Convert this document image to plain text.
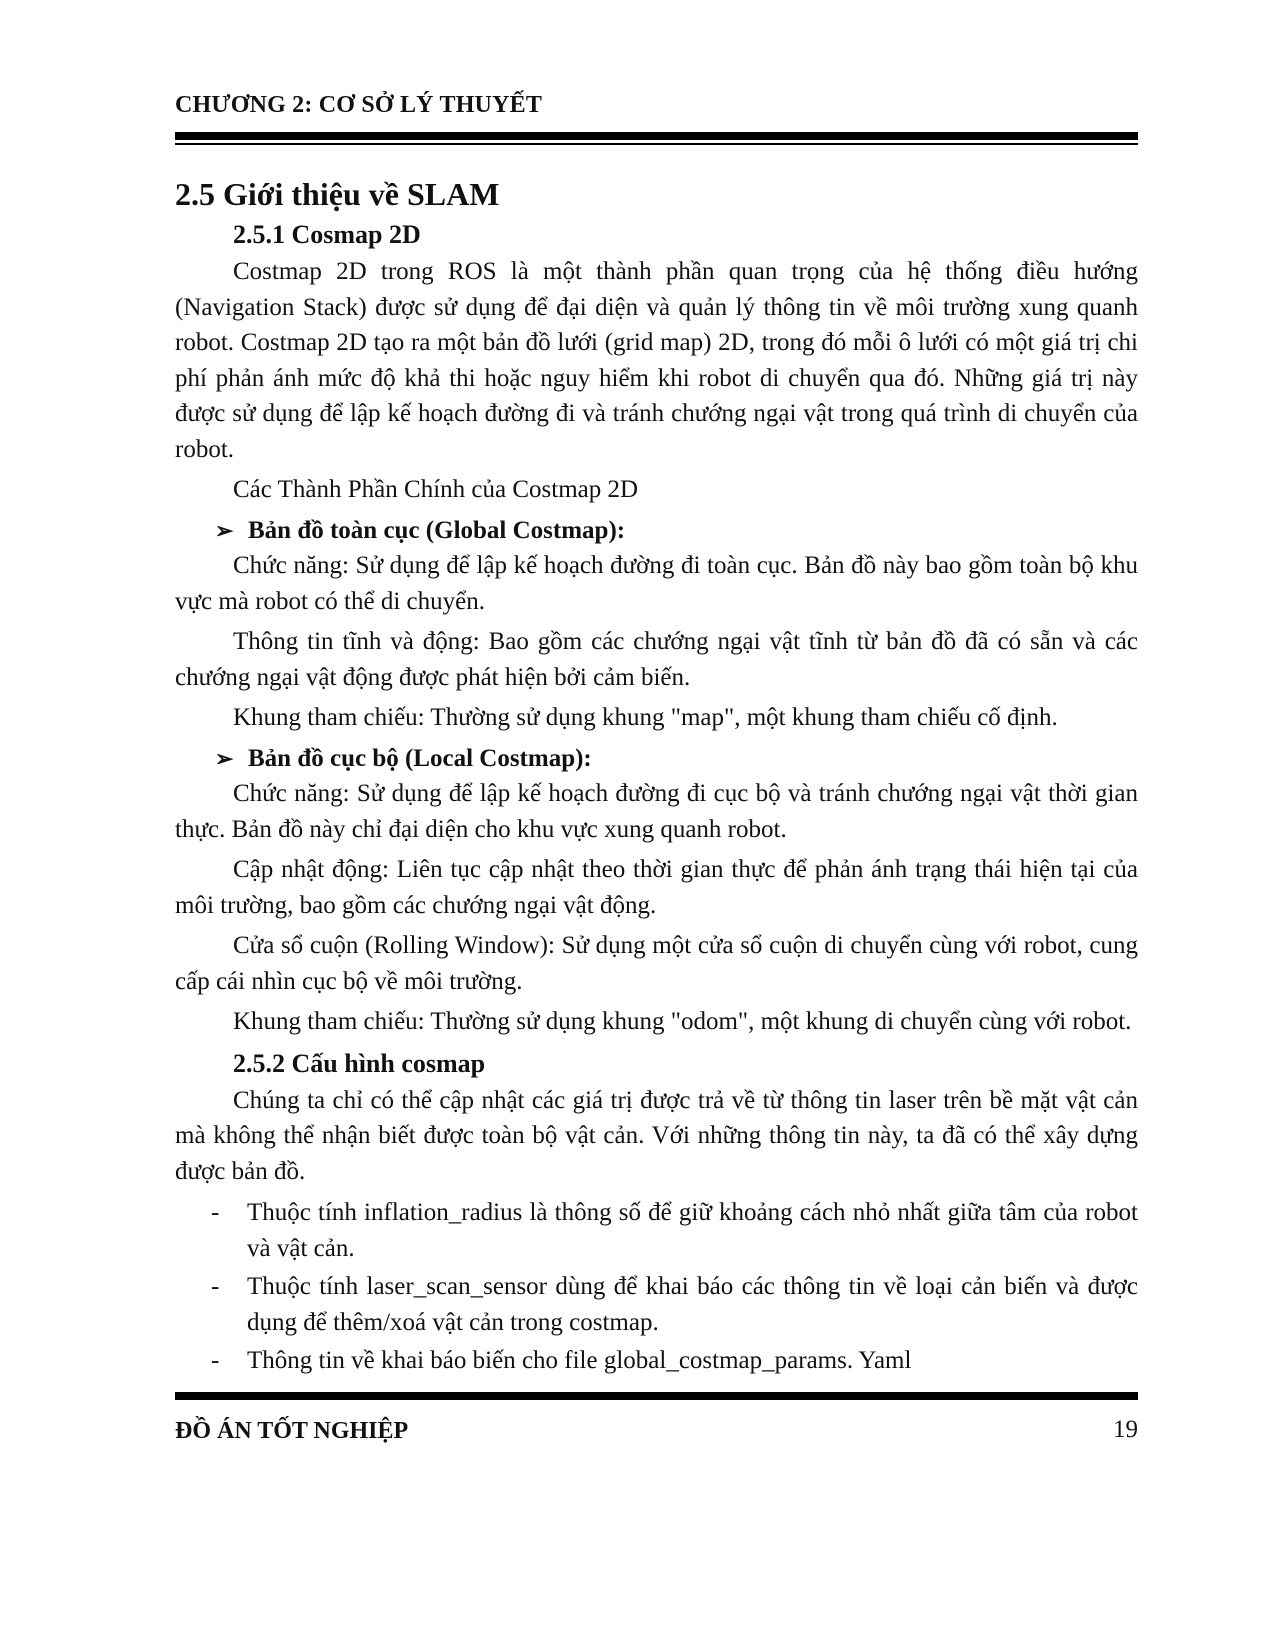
CHƯƠNG 2: CƠ SỞ LÝ THUYẾT
2.5 Giới thiệu về SLAM
2.5.1 Cosmap 2D

Costmap 2D trong ROS là một thành phần quan trọng của hệ thống điều hướng (Navigation Stack) được sử dụng để đại diện và quản lý thông tin về môi trường xung quanh robot. Costmap 2D tạo ra một bản đồ lưới (grid map) 2D, trong đó mỗi ô lưới có một giá trị chi phí phản ánh mức độ khả thi hoặc nguy hiểm khi robot di chuyển qua đó. Những giá trị này được sử dụng để lập kế hoạch đường đi và tránh chướng ngại vật trong quá trình di chuyển của robot.

Các Thành Phần Chính của Costmap 2D

➢ Bản đồ toàn cục (Global Costmap):

Chức năng: Sử dụng để lập kế hoạch đường đi toàn cục. Bản đồ này bao gồm toàn bộ khu vực mà robot có thể di chuyển.

Thông tin tĩnh và động: Bao gồm các chướng ngại vật tĩnh từ bản đồ đã có sẵn và các chướng ngại vật động được phát hiện bởi cảm biến.

Khung tham chiếu: Thường sử dụng khung "map", một khung tham chiếu cố định.

➢ Bản đồ cục bộ (Local Costmap):

Chức năng: Sử dụng để lập kế hoạch đường đi cục bộ và tránh chướng ngại vật thời gian thực. Bản đồ này chỉ đại diện cho khu vực xung quanh robot.

Cập nhật động: Liên tục cập nhật theo thời gian thực để phản ánh trạng thái hiện tại của môi trường, bao gồm các chướng ngại vật động.

Cửa sổ cuộn (Rolling Window): Sử dụng một cửa sổ cuộn di chuyển cùng với robot, cung cấp cái nhìn cục bộ về môi trường.

Khung tham chiếu: Thường sử dụng khung "odom", một khung di chuyển cùng với robot.

2.5.2 Cấu hình cosmap

Chúng ta chỉ có thể cập nhật các giá trị được trả về từ thông tin laser trên bề mặt vật cản mà không thể nhận biết được toàn bộ vật cản. Với những thông tin này, ta đã có thể xây dựng được bản đồ.

-	Thuộc tính inflation_radius là thông số để giữ khoảng cách nhỏ nhất giữa tâm của robot và vật cản.
-	Thuộc tính laser_scan_sensor dùng để khai báo các thông tin về loại cản biến và được dụng để thêm/xoá vật cản trong costmap.
-	Thông tin về khai báo biến cho file global_costmap_params. Yaml
ĐỒ ÁN TỐT NGHIỆP	19
